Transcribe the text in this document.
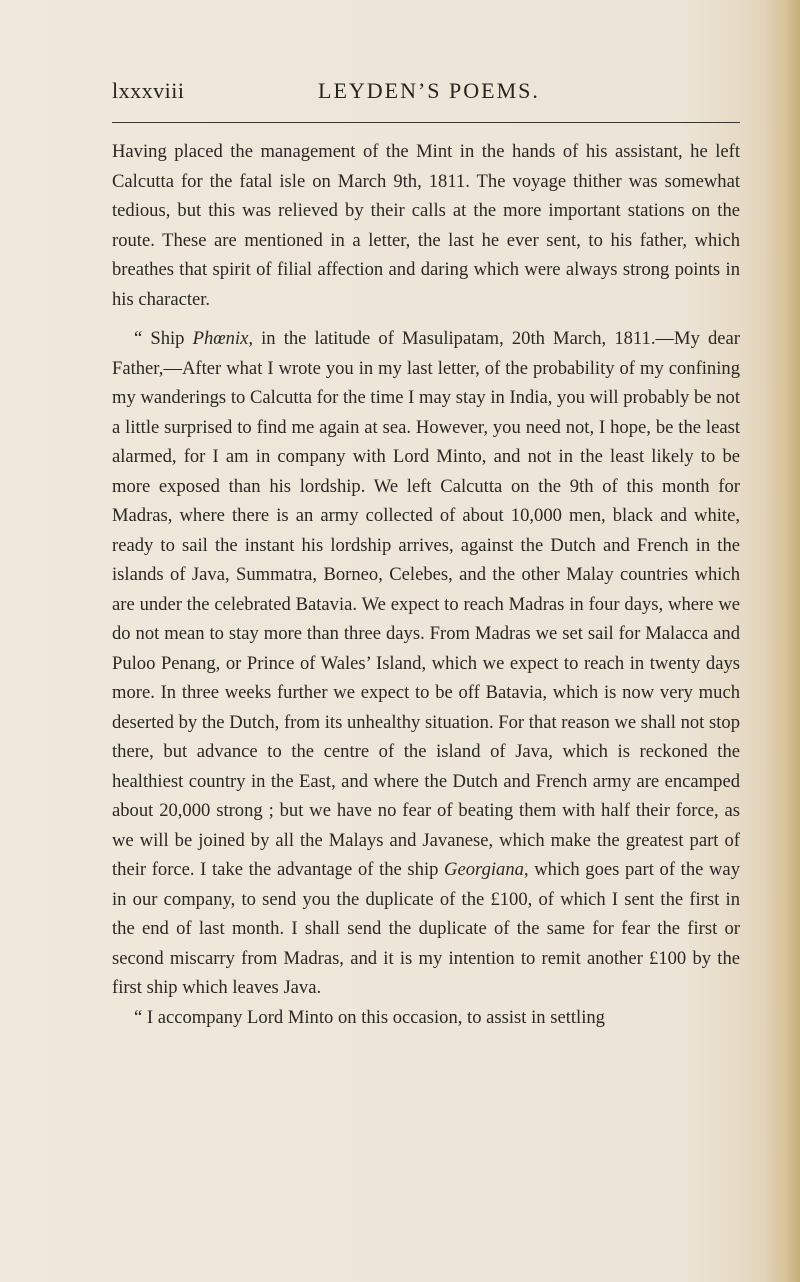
lxxxviii	LEYDEN’S POEMS.

Having placed the management of the Mint in the hands of his assistant, he left Calcutta for the fatal isle on March 9th, 1811. The voyage thither was somewhat tedious, but this was relieved by their calls at the more important stations on the route. These are mentioned in a letter, the last he ever sent, to his father, which breathes that spirit of filial affection and daring which were always strong points in his character.

“ Ship Phœnix, in the latitude of Masulipatam, 20th March, 1811.—My dear Father,—After what I wrote you in my last letter, of the probability of my confining my wanderings to Calcutta for the time I may stay in India, you will probably be not a little surprised to find me again at sea. However, you need not, I hope, be the least alarmed, for I am in company with Lord Minto, and not in the least likely to be more exposed than his lordship. We left Calcutta on the 9th of this month for Madras, where there is an army collected of about 10,000 men, black and white, ready to sail the instant his lordship arrives, against the Dutch and French in the islands of Java, Summatra, Borneo, Celebes, and the other Malay countries which are under the celebrated Batavia. We expect to reach Madras in four days, where we do not mean to stay more than three days. From Madras we set sail for Malacca and Puloo Penang, or Prince of Wales’ Island, which we expect to reach in twenty days more. In three weeks further we expect to be off Batavia, which is now very much deserted by the Dutch, from its unhealthy situation. For that reason we shall not stop there, but advance to the centre of the island of Java, which is reckoned the healthiest country in the East, and where the Dutch and French army are encamped about 20,000 strong ; but we have no fear of beating them with half their force, as we will be joined by all the Malays and Javanese, which make the greatest part of their force. I take the advantage of the ship Georgiana, which goes part of the way in our company, to send you the duplicate of the £100, of which I sent the first in the end of last month. I shall send the duplicate of the same for fear the first or second miscarry from Madras, and it is my intention to remit another £100 by the first ship which leaves Java.

“ I accompany Lord Minto on this occasion, to assist in settling
